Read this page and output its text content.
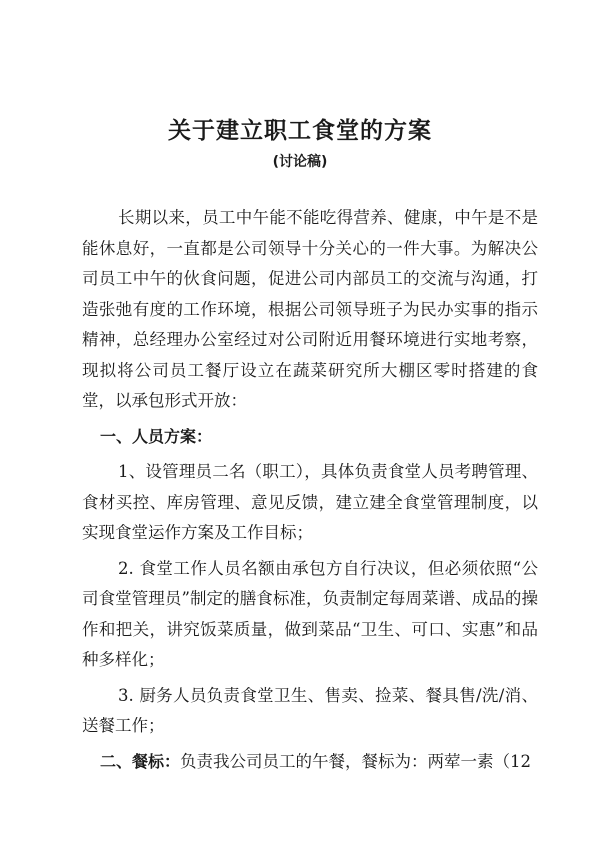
关于建立职工食堂的方案
(讨论稿)

长期以来，员工中午能不能吃得营养、健康，中午是不是能休息好，一直都是公司领导十分关心的一件大事。为解决公司员工中午的伙食问题，促进公司内部员工的交流与沟通，打造张弛有度的工作环境，根据公司领导班子为民办实事的指示精神，总经理办公室经过对公司附近用餐环境进行实地考察，现拟将公司员工餐厅设立在蔬菜研究所大棚区零时搭建的食堂，以承包形式开放：

一、人员方案：

1、设管理员二名（职工），具体负责食堂人员考聘管理、食材买控、库房管理、意见反馈，建立建全食堂管理制度，以实现食堂运作方案及工作目标；

2. 食堂工作人员名额由承包方自行决议，但必须依照“公司食堂管理员”制定的膳食标准，负责制定每周菜谱、成品的操作和把关，讲究饭菜质量，做到菜品“卫生、可口、实惠”和品种多样化；

3. 厨务人员负责食堂卫生、售卖、捡菜、餐具售/洗/消、送餐工作；

二、餐标：负责我公司员工的午餐，餐标为：两荤一素（12
